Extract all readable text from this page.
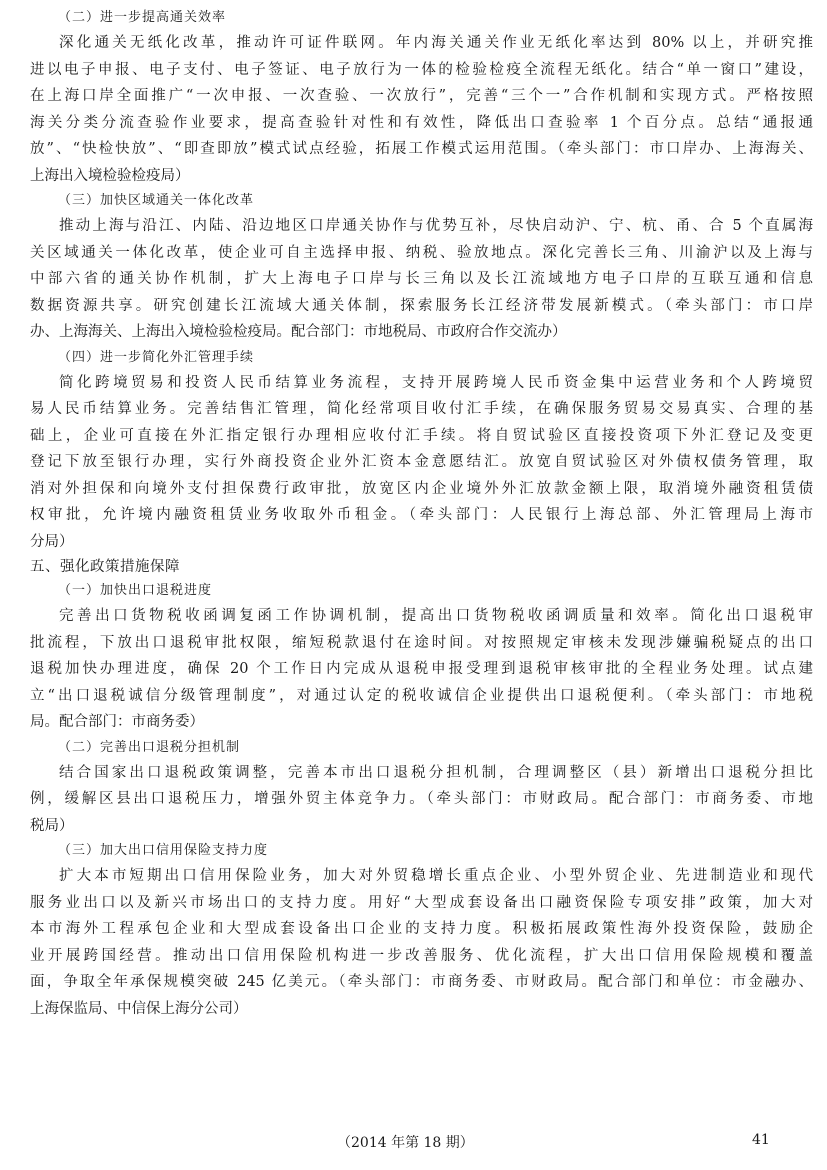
（二）进一步提高通关效率
深化通关无纸化改革，推动许可证件联网。年内海关通关作业无纸化率达到 80% 以上，并研究推
进以电子申报、电子支付、电子签证、电子放行为一体的检验检疫全流程无纸化。结合“单一窗口”建设，
在上海口岸全面推广“一次申报、一次查验、一次放行”，完善“三个一”合作机制和实现方式。严格按照
海关分类分流查验作业要求，提高查验针对性和有效性，降低出口查验率 1 个百分点。总结“通报通
放”、“快检快放”、“即查即放”模式试点经验，拓展工作模式运用范围。（牵头部门：市口岸办、上海海关、
上海出入境检验检疫局）
（三）加快区域通关一体化改革
推动上海与沿江、内陆、沿边地区口岸通关协作与优势互补，尽快启动沪、宁、杭、甬、合 5 个直属海
关区域通关一体化改革，使企业可自主选择申报、纳税、验放地点。深化完善长三角、川渝沪以及上海与
中部六省的通关协作机制，扩大上海电子口岸与长三角以及长江流域地方电子口岸的互联互通和信息
数据资源共享。研究创建长江流域大通关体制，探索服务长江经济带发展新模式。（牵头部门：市口岸
办、上海海关、上海出入境检验检疫局。配合部门：市地税局、市政府合作交流办）
（四）进一步简化外汇管理手续
简化跨境贸易和投资人民币结算业务流程，支持开展跨境人民币资金集中运营业务和个人跨境贸
易人民币结算业务。完善结售汇管理，简化经常项目收付汇手续，在确保服务贸易交易真实、合理的基
础上，企业可直接在外汇指定银行办理相应收付汇手续。将自贸试验区直接投资项下外汇登记及变更
登记下放至银行办理，实行外商投资企业外汇资本金意愿结汇。放宽自贸试验区对外债权债务管理，取
消对外担保和向境外支付担保费行政审批，放宽区内企业境外外汇放款金额上限，取消境外融资租赁债
权审批，允许境内融资租赁业务收取外币租金。（牵头部门：人民银行上海总部、外汇管理局上海市
分局）
五、强化政策措施保障
（一）加快出口退税进度
完善出口货物税收函调复函工作协调机制，提高出口货物税收函调质量和效率。简化出口退税审
批流程，下放出口退税审批权限，缩短税款退付在途时间。对按照规定审核未发现涉嫌骗税疑点的出口
退税加快办理进度，确保 20 个工作日内完成从退税申报受理到退税审核审批的全程业务处理。试点建
立“出口退税诚信分级管理制度”，对通过认定的税收诚信企业提供出口退税便利。（牵头部门：市地税
局。配合部门：市商务委）
（二）完善出口退税分担机制
结合国家出口退税政策调整，完善本市出口退税分担机制，合理调整区（县）新增出口退税分担比
例，缓解区县出口退税压力，增强外贸主体竞争力。（牵头部门：市财政局。配合部门：市商务委、市地
税局）
（三）加大出口信用保险支持力度
扩大本市短期出口信用保险业务，加大对外贸稳增长重点企业、小型外贸企业、先进制造业和现代
服务业出口以及新兴市场出口的支持力度。用好“大型成套设备出口融资保险专项安排”政策，加大对
本市海外工程承包企业和大型成套设备出口企业的支持力度。积极拓展政策性海外投资保险，鼓励企
业开展跨国经营。推动出口信用保险机构进一步改善服务、优化流程，扩大出口信用保险规模和覆盖
面，争取全年承保规模突破 245 亿美元。（牵头部门：市商务委、市财政局。配合部门和单位：市金融办、
上海保监局、中信保上海分公司）
（2014 年第 18 期）	41
